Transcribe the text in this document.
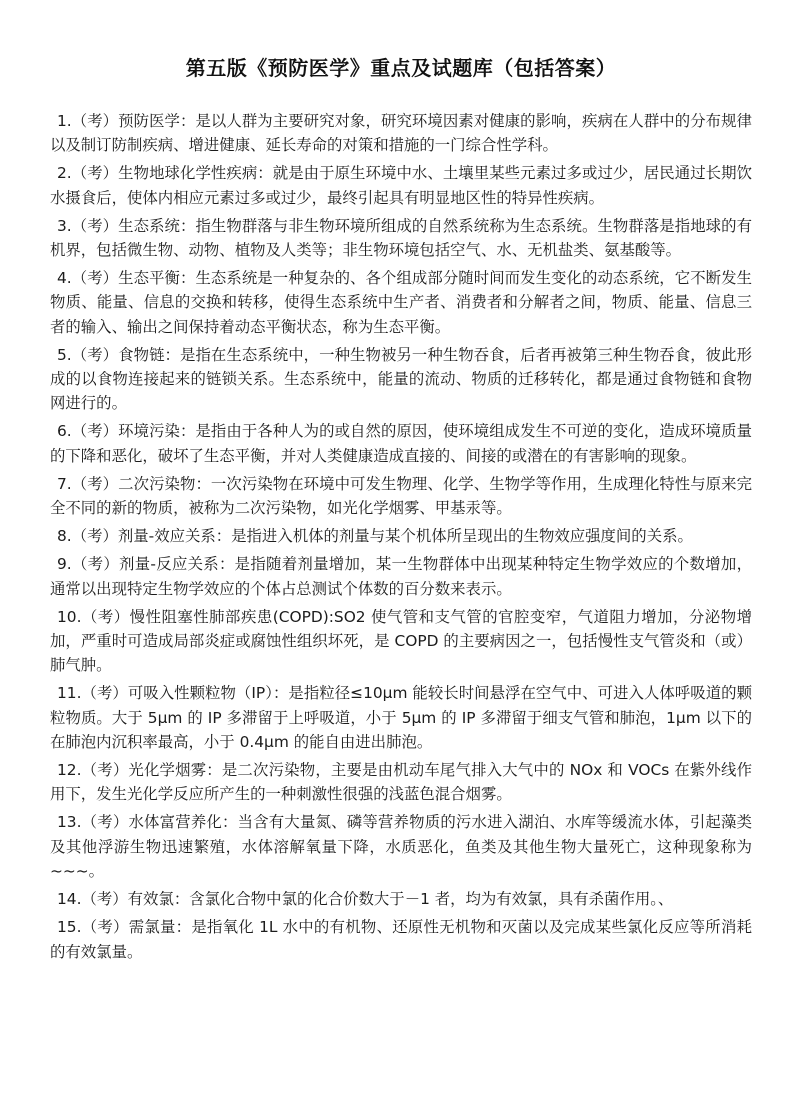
第五版《预防医学》重点及试题库（包括答案）
1.（考）预防医学：是以人群为主要研究对象，研究环境因素对健康的影响，疾病在人群中的分布规律以及制订防制疾病、增进健康、延长寿命的对策和措施的一门综合性学科。
2.（考）生物地球化学性疾病：就是由于原生环境中水、土壤里某些元素过多或过少，居民通过长期饮水摄食后，使体内相应元素过多或过少，最终引起具有明显地区性的特异性疾病。
3.（考）生态系统：指生物群落与非生物环境所组成的自然系统称为生态系统。生物群落是指地球的有机界，包括微生物、动物、植物及人类等；非生物环境包括空气、水、无机盐类、氨基酸等。
4.（考）生态平衡：生态系统是一种复杂的、各个组成部分随时间而发生变化的动态系统，它不断发生物质、能量、信息的交换和转移，使得生态系统中生产者、消费者和分解者之间，物质、能量、信息三者的输入、输出之间保持着动态平衡状态，称为生态平衡。
5.（考）食物链：是指在生态系统中，一种生物被另一种生物吞食，后者再被第三种生物吞食，彼此形成的以食物连接起来的链锁关系。生态系统中，能量的流动、物质的迁移转化，都是通过食物链和食物网进行的。
6.（考）环境污染：是指由于各种人为的或自然的原因，使环境组成发生不可逆的变化，造成环境质量的下降和恶化，破坏了生态平衡，并对人类健康造成直接的、间接的或潜在的有害影响的现象。
7.（考）二次污染物：一次污染物在环境中可发生物理、化学、生物学等作用，生成理化特性与原来完全不同的新的物质，被称为二次污染物，如光化学烟雾、甲基汞等。
8.（考）剂量-效应关系：是指进入机体的剂量与某个机体所呈现出的生物效应强度间的关系。
9.（考）剂量-反应关系：是指随着剂量增加，某一生物群体中出现某种特定生物学效应的个数增加，通常以出现特定生物学效应的个体占总测试个体数的百分数来表示。
10.（考）慢性阻塞性肺部疾患(COPD):SO2 使气管和支气管的官腔变窄，气道阻力增加，分泌物增加，严重时可造成局部炎症或腐蚀性组织坏死，是 COPD 的主要病因之一，包括慢性支气管炎和（或）肺气肿。
11.（考）可吸入性颗粒物（IP）：是指粒径≤10μm 能较长时间悬浮在空气中、可进入人体呼吸道的颗粒物质。大于 5μm 的 IP 多滞留于上呼吸道，小于 5μm 的 IP 多滞留于细支气管和肺泡，1μm 以下的在肺泡内沉积率最高，小于 0.4μm 的能自由进出肺泡。
12.（考）光化学烟雾：是二次污染物，主要是由机动车尾气排入大气中的 NOx 和 VOCs 在紫外线作用下，发生光化学反应所产生的一种刺激性很强的浅蓝色混合烟雾。
13.（考）水体富营养化：当含有大量氮、磷等营养物质的污水进入湖泊、水库等缓流水体，引起藻类及其他浮游生物迅速繁殖，水体溶解氧量下降，水质恶化，鱼类及其他生物大量死亡，这种现象称为~~~。
14.（考）有效氯：含氯化合物中氯的化合价数大于－1 者，均为有效氯，具有杀菌作用。、
15.（考）需氯量：是指氧化 1L 水中的有机物、还原性无机物和灭菌以及完成某些氯化反应等所消耗的有效氯量。
